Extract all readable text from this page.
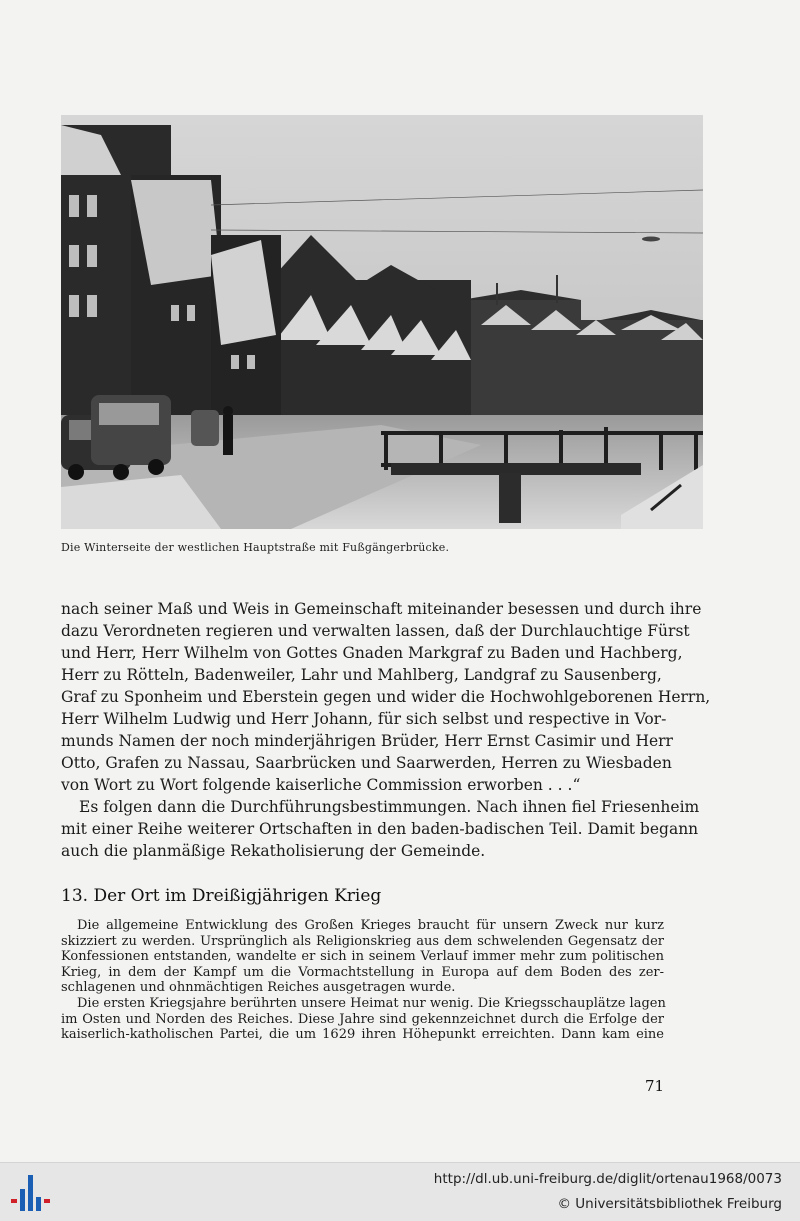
Die Winterseite der westlichen Hauptstraße mit Fußgängerbrücke.
nach seiner Maß und Weis in Gemeinschaft miteinander besessen und durch ihre
dazu Verordneten regieren und verwalten lassen, daß der Durchlauchtige Fürst
und Herr, Herr Wilhelm von Gottes Gnaden Markgraf zu Baden und Hachberg,
Herr zu Rötteln, Badenweiler, Lahr und Mahlberg, Landgraf zu Sausenberg,
Graf zu Sponheim und Eberstein gegen und wider die Hochwohlgeborenen Herrn,
Herr Wilhelm Ludwig und Herr Johann, für sich selbst und respective in Vor-
munds Namen der noch minderjährigen Brüder, Herr Ernst Casimir und Herr
Otto, Grafen zu Nassau, Saarbrücken und Saarwerden, Herren zu Wiesbaden
von Wort zu Wort folgende kaiserliche Commission erworben . . .“
Es folgen dann die Durchführungsbestimmungen. Nach ihnen fiel Friesenheim
mit einer Reihe weiterer Ortschaften in den baden-badischen Teil. Damit begann
auch die planmäßige Rekatholisierung der Gemeinde.
13. Der Ort im Dreißigjährigen Krieg
Die allgemeine Entwicklung des Großen Krieges braucht für unsern Zweck nur kurz
skizziert zu werden. Ursprünglich als Religionskrieg aus dem schwelenden Gegensatz der
Konfessionen entstanden, wandelte er sich in seinem Verlauf immer mehr zum politischen
Krieg, in dem der Kampf um die Vormachtstellung in Europa auf dem Boden des zer-
schlagenen und ohnmächtigen Reiches ausgetragen wurde.
Die ersten Kriegsjahre berührten unsere Heimat nur wenig. Die Kriegsschauplätze lagen
im Osten und Norden des Reiches. Diese Jahre sind gekennzeichnet durch die Erfolge der
kaiserlich-katholischen Partei, die um 1629 ihren Höhepunkt erreichten. Dann kam eine
71
http://dl.ub.uni-freiburg.de/diglit/ortenau1968/0073
© Universitätsbibliothek Freiburg
